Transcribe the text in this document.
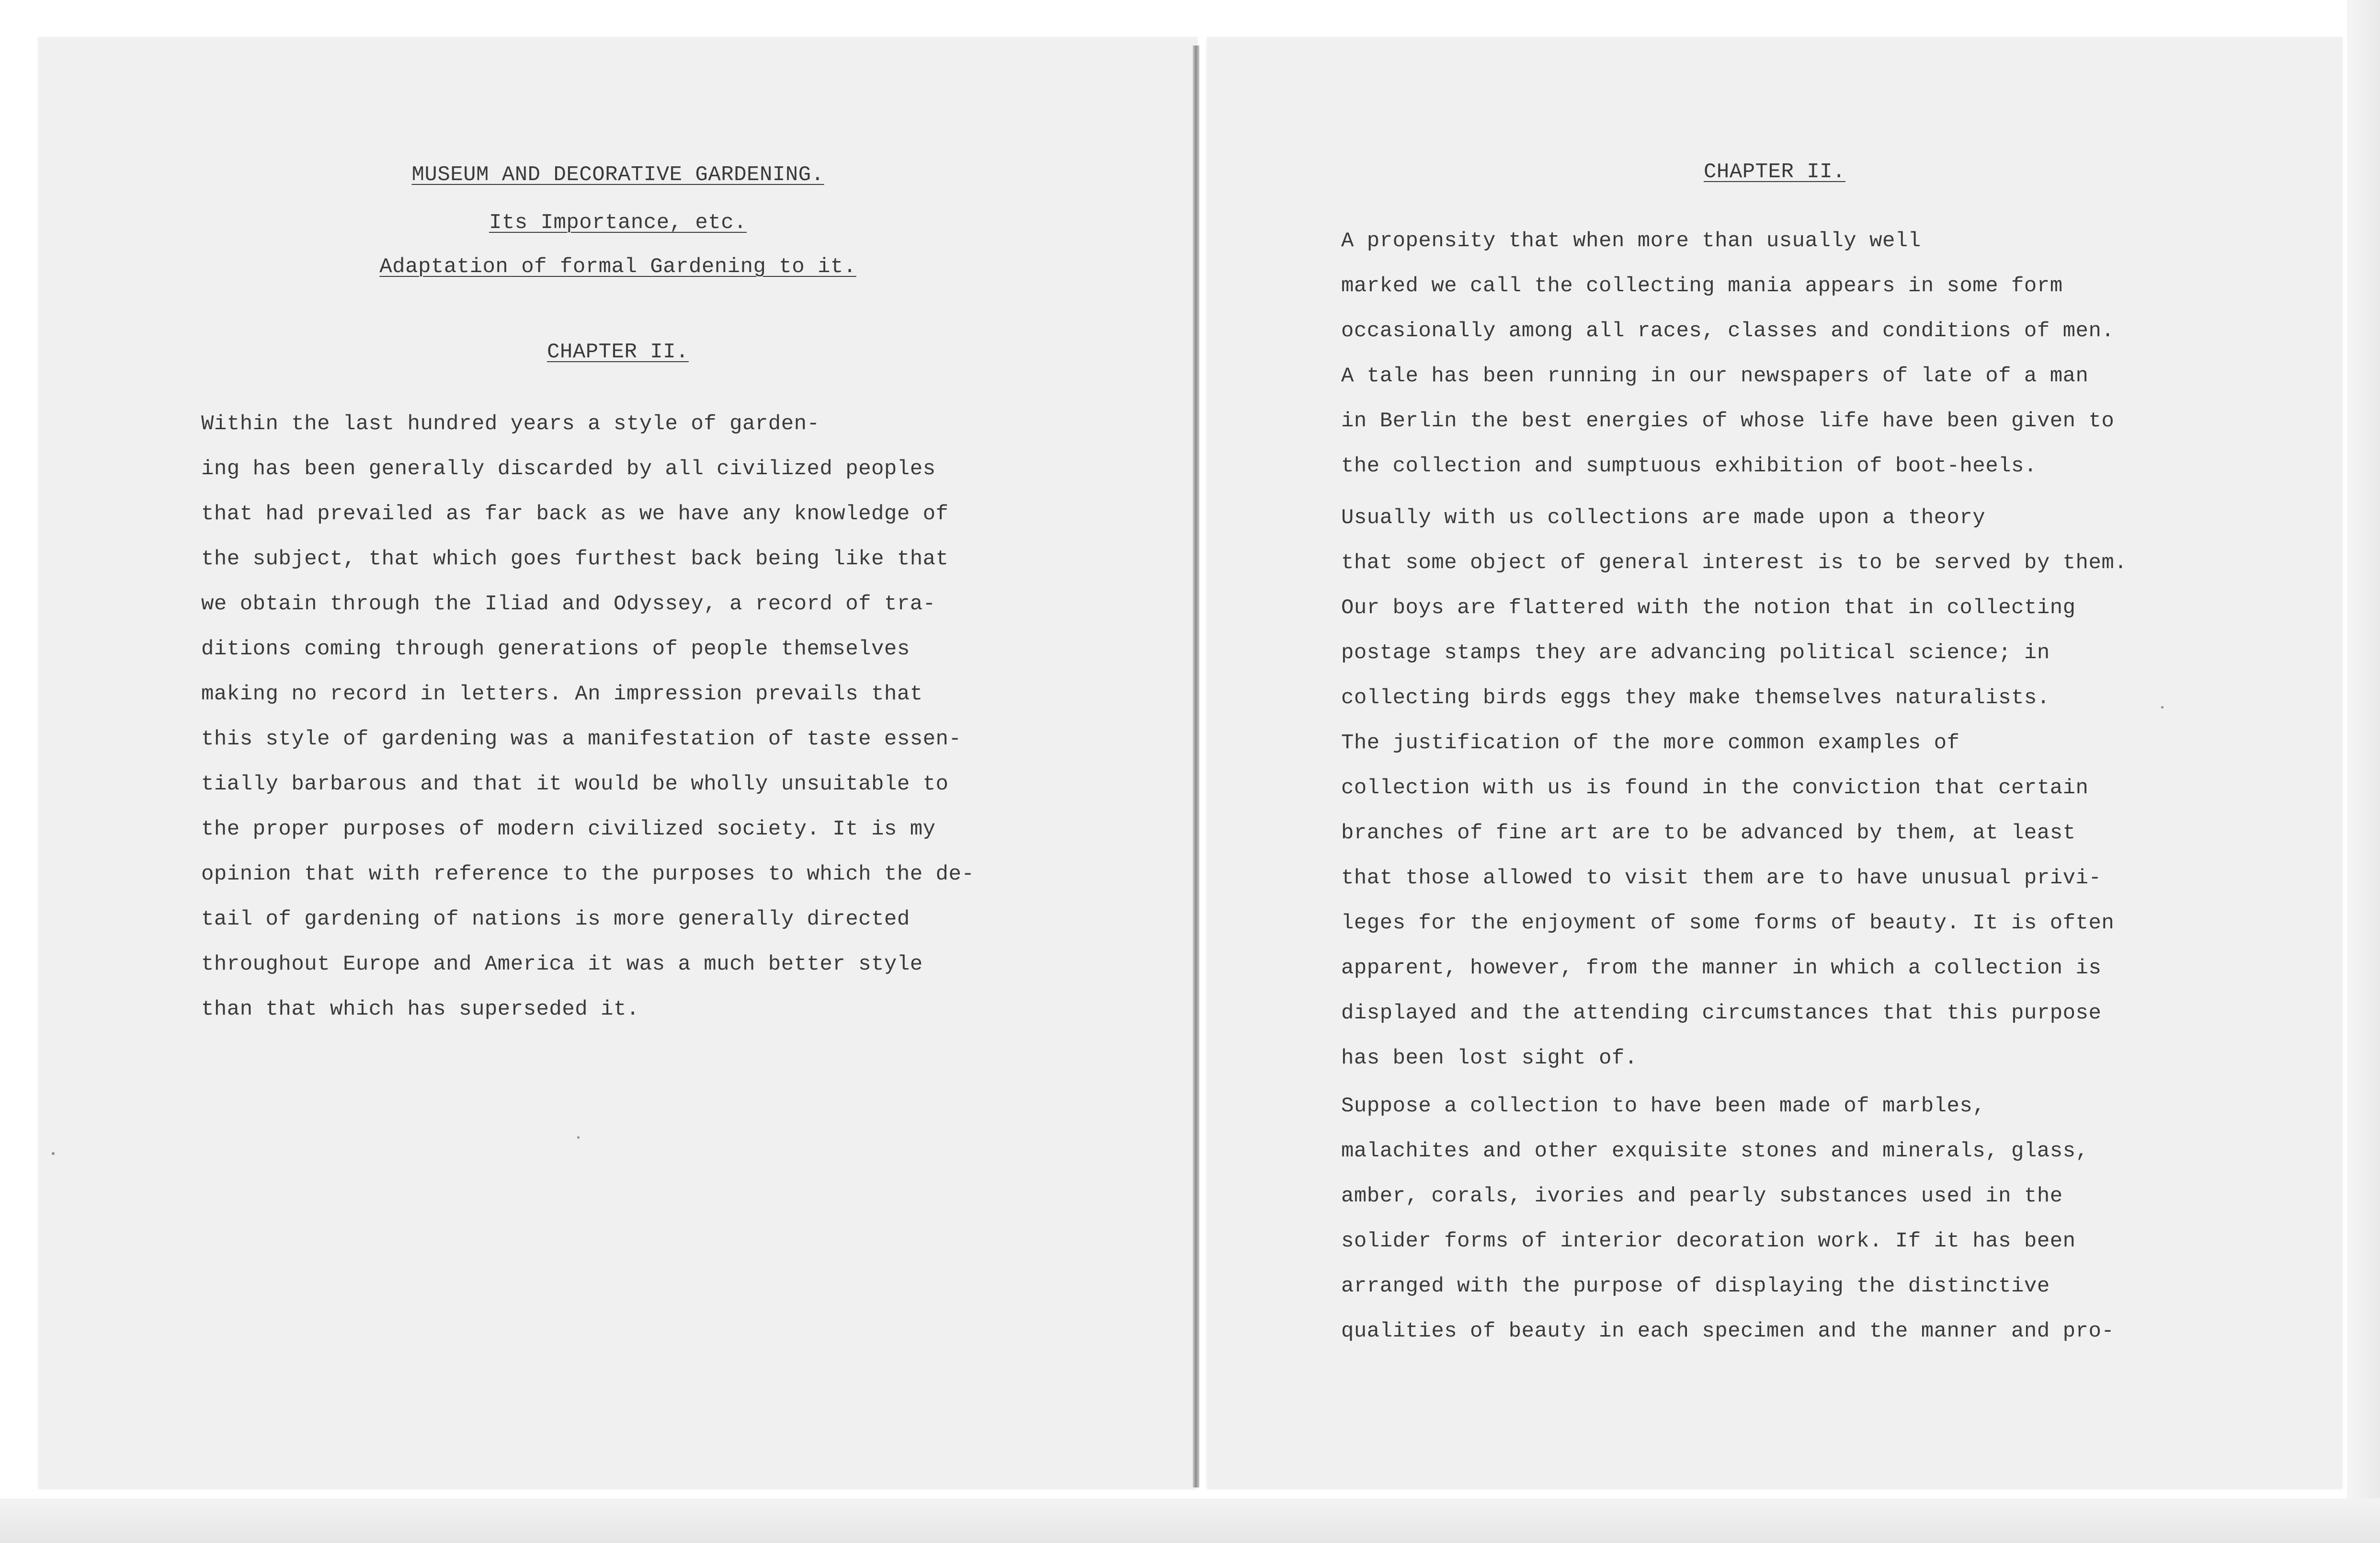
MUSEUM AND DECORATIVE GARDENING.
Its Importance, etc.
Adaptation of formal Gardening to it.
CHAPTER II.

Within the last hundred years a style of garden-
ing has been generally discarded by all civilized peoples
that had prevailed as far back as we have any knowledge of
the subject, that which goes furthest back being like that
we obtain through the Iliad and Odyssey, a record of tra-
ditions coming through generations of people themselves
making no record in letters. An impression prevails that
this style of gardening was a manifestation of taste essen-
tially barbarous and that it would be wholly unsuitable to
the proper purposes of modern civilized society. It is my
opinion that with reference to the purposes to which the de-
tail of gardening of nations is more generally directed
throughout Europe and America it was a much better style
than that which has superseded it.

CHAPTER II.

A propensity that when more than usually well
marked we call the collecting mania appears in some form
occasionally among all races, classes and conditions of men.
A tale has been running in our newspapers of late of a man
in Berlin the best energies of whose life have been given to
the collection and sumptuous exhibition of boot-heels.

Usually with us collections are made upon a theory
that some object of general interest is to be served by them.
Our boys are flattered with the notion that in collecting
postage stamps they are advancing political science; in
collecting birds eggs they make themselves naturalists.

The justification of the more common examples of
collection with us is found in the conviction that certain
branches of fine art are to be advanced by them, at least
that those allowed to visit them are to have unusual privi-
leges for the enjoyment of some forms of beauty. It is often
apparent, however, from the manner in which a collection is
displayed and the attending circumstances that this purpose
has been lost sight of.

Suppose a collection to have been made of marbles,
malachites and other exquisite stones and minerals, glass,
amber, corals, ivories and pearly substances used in the
solider forms of interior decoration work. If it has been
arranged with the purpose of displaying the distinctive
qualities of beauty in each specimen and the manner and pro-
